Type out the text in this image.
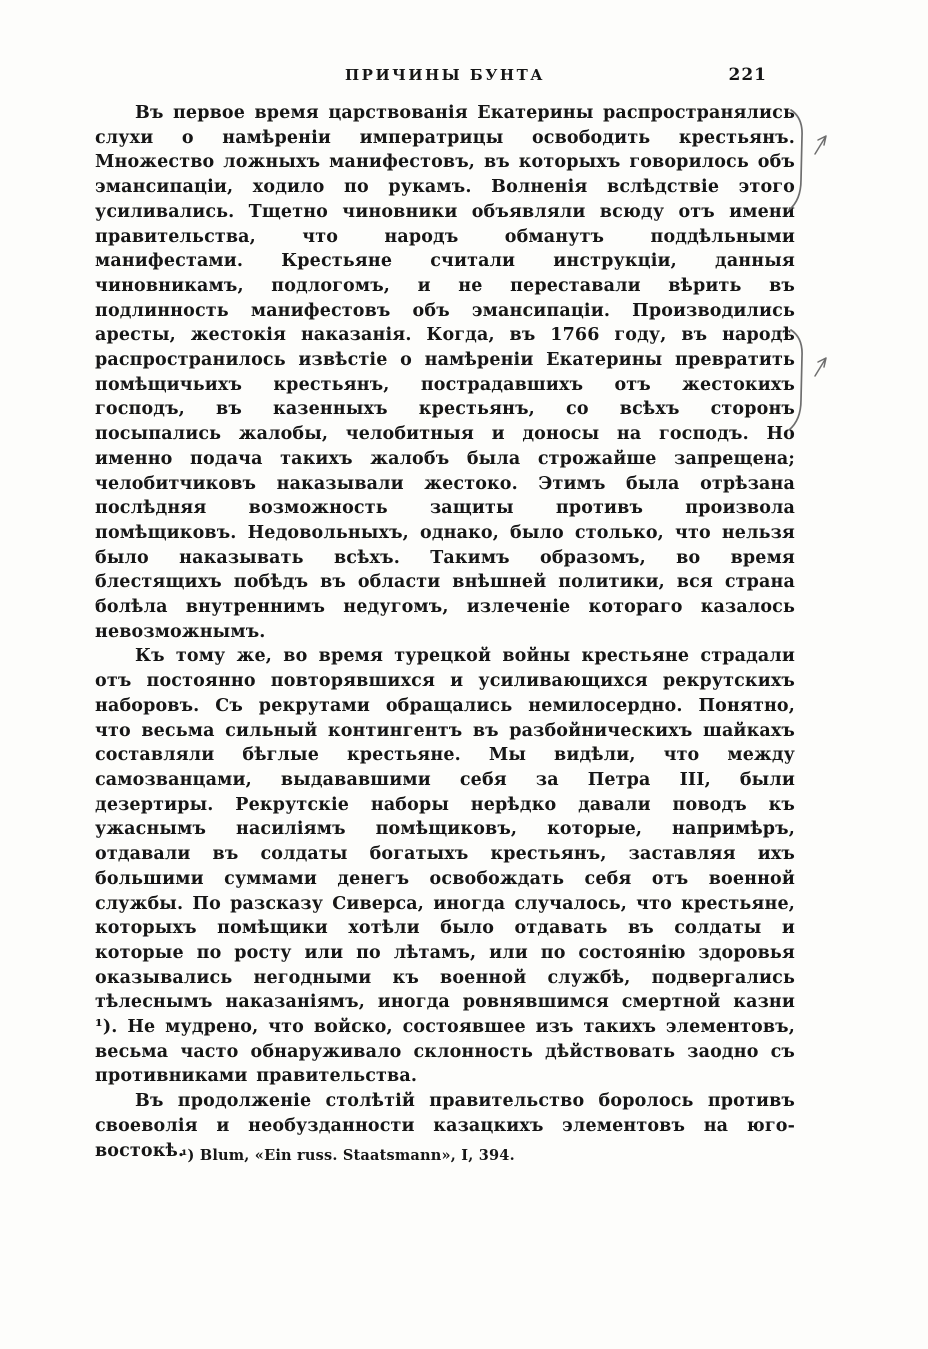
ПРИЧИНЫ БУНТА	221

Въ первое время царствованія Екатерины распространялись слухи о намѣреніи императрицы освободить крестьянъ. Множество ложныхъ манифестовъ, въ которыхъ говорилось объ эмансипаціи, ходило по рукамъ. Волненія вслѣдствіе этого усиливались. Тщетно чиновники объявляли всюду отъ имени правительства, что народъ обманутъ поддѣльными манифестами. Крестьяне считали инструкціи, данныя чиновникамъ, подлогомъ, и не переставали вѣрить въ подлинность манифестовъ объ эмансипаціи. Производились аресты, жестокія наказанія. Когда, въ 1766 году, въ народѣ распространилось извѣстіе о намѣреніи Екатерины превратить помѣщичьихъ крестьянъ, пострадавшихъ отъ жестокихъ господъ, въ казенныхъ крестьянъ, со всѣхъ сторонъ посыпались жалобы, челобитныя и доносы на господъ. Но именно подача такихъ жалобъ была строжайше запрещена; челобитчиковъ наказывали жестоко. Этимъ была отрѣзана послѣдняя возможность защиты противъ произвола помѣщиковъ. Недовольныхъ, однако, было столько, что нельзя было наказывать всѣхъ. Такимъ образомъ, во время блестящихъ побѣдъ въ области внѣшней политики, вся страна болѣла внутреннимъ недугомъ, излеченіе котораго казалось невозможнымъ.

Къ тому же, во время турецкой войны крестьяне страдали отъ постоянно повторявшихся и усиливающихся рекрутскихъ наборовъ. Съ рекрутами обращались немилосердно. Понятно, что весьма сильный контингентъ въ разбойническихъ шайкахъ составляли бѣглые крестьяне. Мы видѣли, что между самозванцами, выдававшими себя за Петра III, были дезертиры. Рекрутскіе наборы нерѣдко давали поводъ къ ужаснымъ насиліямъ помѣщиковъ, которые, напримѣръ, отдавали въ солдаты богатыхъ крестьянъ, заставляя ихъ большими суммами денегъ освобождать себя отъ военной службы. По разсказу Сиверса, иногда случалось, что крестьяне, которыхъ помѣщики хотѣли было отдавать въ солдаты и которые по росту или по лѣтамъ, или по состоянію здоровья оказывались негодными къ военной службѣ, подвергались тѣлеснымъ наказаніямъ, иногда ровнявшимся смертной казни ¹). Не мудрено, что войско, состоявшее изъ такихъ элементовъ, весьма часто обнаруживало склонность дѣйствовать заодно съ противниками правительства.

Въ продолженіе столѣтій правительство боролось противъ своеволія и необузданности казацкихъ элементовъ на юго-востокѣ.

¹) Blum, «Ein russ. Staatsmann», I, 394.
